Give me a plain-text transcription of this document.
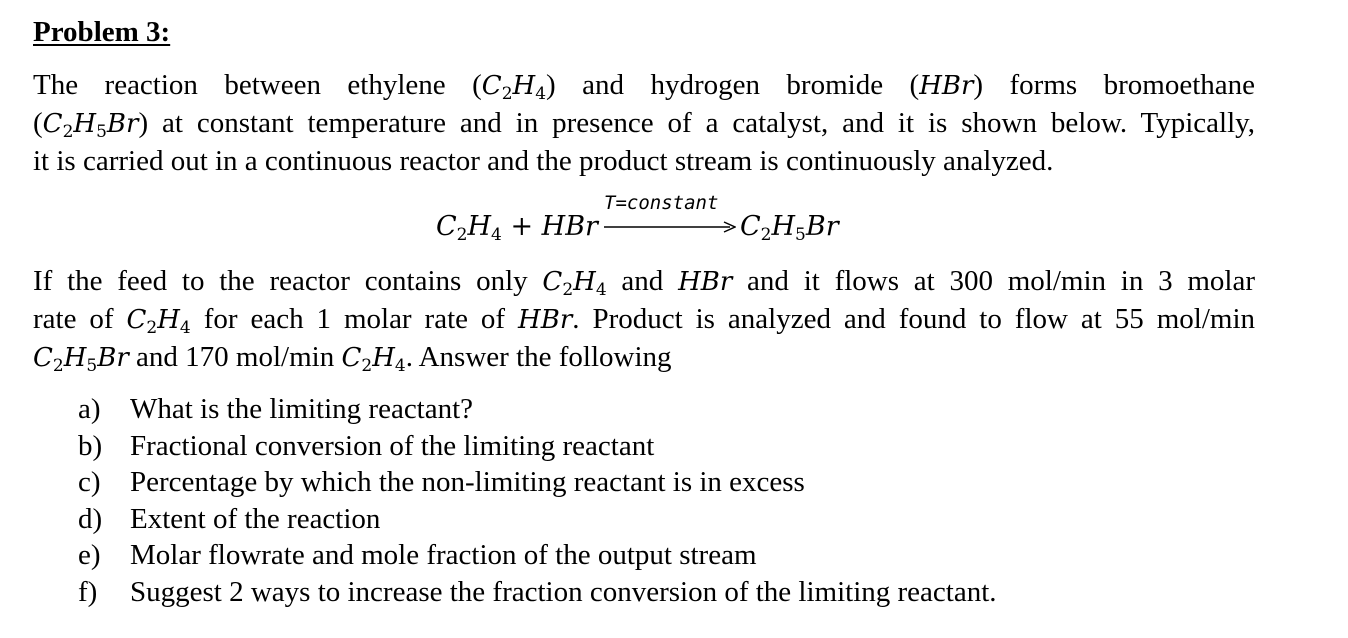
Problem 3:
The reaction between ethylene $(C_2H_4)$ and hydrogen bromide (HBr) forms bromoethane
$(C_2H_5Br)$ at constant temperature and in presence of a catalyst, and it is shown below. Typically,
it is carried out in a continuous reactor and the product stream is continuously analyzed.
$C_2H_4$ + HBr
T=constant
$C_2H_5Br$
If the feed to the reactor contains only $C_2H_4$ and HBr and it flows at 300 mol/min in 3 molar
rate of $C_2H_4$ for each 1 molar rate of HBr. Product is analyzed and found to flow at 55 mol/min
$C_2H_5Br$ and 170 mol/min $C_2H_4$. Answer the following
a) What is the limiting reactant?
b) Fractional conversion of the limiting reactant
c) Percentage by which the non-limiting reactant is in excess
d) Extent of the reaction
e) Molar flowrate and mole fraction of the output stream
f) Suggest 2 ways to increase the fraction conversion of the limiting reactant.
